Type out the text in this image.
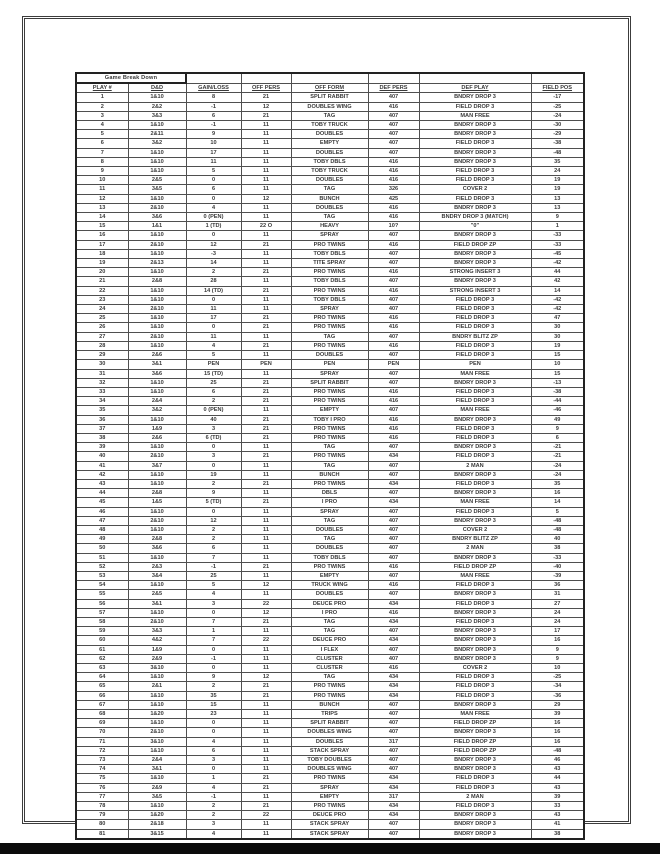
Game Break Down							
PLAY #	D&D	GAIN/LOSS	OFF PERS	OFF FORM	DEF PERS	DEF PLAY	FIELD POS
1	1&10	8	21	SPLIT RABBIT	407	BNDRY DROP 3	-17
2	2&2	-1	12	DOUBLES WING	416	FIELD DROP 3	-25
3	3&3	6	21	TAG	407	MAN FREE	-24
4	1&10	-1	11	TOBY TRUCK	407	BNDRY DROP 3	-30
5	2&11	9	11	DOUBLES	407	BNDRY DROP 3	-29
6	3&2	10	11	EMPTY	407	FIELD DROP 3	-38
7	1&10	17	11	DOUBLES	407	BNDRY DROP 3	-48
8	1&10	11	11	TOBY DBLS	416	BNDRY DROP 3	35
9	1&10	5	11	TOBY TRUCK	416	FIELD DROP 3	24
10	2&5	0	11	DOUBLES	416	FIELD DROP 3	19
11	3&5	6	11	TAG	326	COVER 2	19
12	1&10	0	12	BUNCH	425	FIELD DROP 3	13
13	2&10	4	11	DOUBLES	416	BNDRY DROP 3	13
14	3&6	0 (PEN)	11	TAG	416	BNDRY DROP 3 (MATCH)	9
15	1&1	1 (TD)	22 O	HEAVY	10?	"0"	1
16	1&10	0	11	SPRAY	407	BNDRY DROP 3	-33
17	2&10	12	21	PRO TWINS	416	FIELD DROP ZP	-33
18	1&10	-3	11	TOBY DBLS	407	BNDRY DROP 3	-45
19	2&13	14	11	TITE SPRAY	407	BNDRY DROP 3	-42
20	1&10	2	21	PRO TWINS	416	STRONG INSERT 3	44
21	2&8	28	11	TOBY DBLS	407	BNDRY DROP 3	42
22	1&10	14 (TD)	21	PRO TWINS	416	STRONG INSERT 3	14
23	1&10	0	11	TOBY DBLS	407	FIELD DROP 3	-42
24	2&10	11	11	SPRAY	407	FIELD DROP 3	-42
25	1&10	17	21	PRO TWINS	416	FIELD DROP 3	47
26	1&10	0	21	PRO TWINS	416	FIELD DROP 3	30
27	2&10	11	11	TAG	407	BNDRY BLITZ ZP	30
28	1&10	4	21	PRO TWINS	416	FIELD DROP 3	19
29	2&6	5	11	DOUBLES	407	FIELD DROP 3	15
30	3&1	PEN	PEN	PEN	PEN	PEN	10
31	3&6	15 (TD)	11	SPRAY	407	MAN FREE	15
32	1&10	25	21	SPLIT RABBIT	407	BNDRY DROP 3	-13
33	1&10	6	21	PRO TWINS	416	FIELD DROP 3	-38
34	2&4	2	21	PRO TWINS	416	FIELD DROP 3	-44
35	3&2	0 (PEN)	11	EMPTY	407	MAN FREE	-46
36	1&10	40	21	TOBY I PRO	416	BNDRY DROP 3	49
37	1&9	3	21	PRO TWINS	416	FIELD DROP 3	9
38	2&6	6 (TD)	21	PRO TWINS	416	FIELD DROP 3	6
39	1&10	0	11	TAG	407	BNDRY DROP 3	-21
40	2&10	3	21	PRO TWINS	434	FIELD DROP 3	-21
41	3&7	0	11	TAG	407	2 MAN	-24
42	1&10	19	11	BUNCH	407	BNDRY DROP 3	-24
43	1&10	2	21	PRO TWINS	434	FIELD DROP 3	35
44	2&8	9	11	DBLS	407	BNDRY DROP 3	16
45	1&5	5 (TD)	21	I PRO	434	MAN FREE	14
46	1&10	0	11	SPRAY	407	FIELD DROP 3	5
47	2&10	12	11	TAG	407	BNDRY DROP 3	-48
48	1&10	2	11	DOUBLES	407	COVER 2	-48
49	2&8	2	11	TAG	407	BNDRY BLITZ ZP	40
50	3&6	6	11	DOUBLES	407	2 MAN	38
51	1&10	7	11	TOBY DBLS	407	BNDRY DROP 3	-33
52	2&3	-1	21	PRO TWINS	416	FIELD DROP ZP	-40
53	3&4	25	11	EMPTY	407	MAN FREE	-39
54	1&10	5	12	TRUCK WING	416	FIELD DROP 3	36
55	2&5	4	11	DOUBLES	407	BNDRY DROP 3	31
56	3&1	3	22	DEUCE PRO	434	FIELD DROP 3	27
57	1&10	0	12	I PRO	416	BNDRY DROP 3	24
58	2&10	7	21	TAG	434	FIELD DROP 3	24
59	3&3	1	11	TAG	407	BNDRY DROP 3	17
60	4&2	7	22	DEUCE PRO	434	BNDRY DROP 3	16
61	1&9	0	11	I FLEX	407	BNDRY DROP 3	9
62	2&9	-1	11	CLUSTER	407	BNDRY DROP 3	9
63	3&10	0	11	CLUSTER	416	COVER 2	10
64	1&10	9	12	TAG	434	FIELD DROP 3	-25
65	2&1	2	21	PRO TWINS	434	FIELD DROP 3	-34
66	1&10	35	21	PRO TWINS	434	FIELD DROP 3	-36
67	1&10	15	11	BUNCH	407	BNDRY DROP 3	29
68	1&20	23	11	TRIPS	407	MAN FREE	39
69	1&10	0	11	SPLIT RABBIT	407	FIELD DROP ZP	16
70	2&10	0	11	DOUBLES WING	407	BNDRY DROP 3	16
71	3&10	4	11	DOUBLES	317	FIELD DROP ZP	16
72	1&10	6	11	STACK SPRAY	407	FIELD DROP ZP	-48
73	2&4	3	11	TOBY DOUBLES	407	BNDRY DROP 3	46
74	3&1	0	11	DOUBLES WING	407	BNDRY DROP 3	43
75	1&10	1	21	PRO TWINS	434	FIELD DROP 3	44
76	2&9	4	21	SPRAY	434	FIELD DROP 3	43
77	3&5	-1	11	EMPTY	317	2 MAN	39
78	1&10	2	21	PRO TWINS	434	FIELD DROP 3	33
79	1&20	2	22	DEUCE PRO	434	BNDRY DROP 3	43
80	2&18	3	11	STACK SPRAY	407	BNDRY DROP 3	41
81	3&15	4	11	STACK SPRAY	407	BNDRY DROP 3	38
